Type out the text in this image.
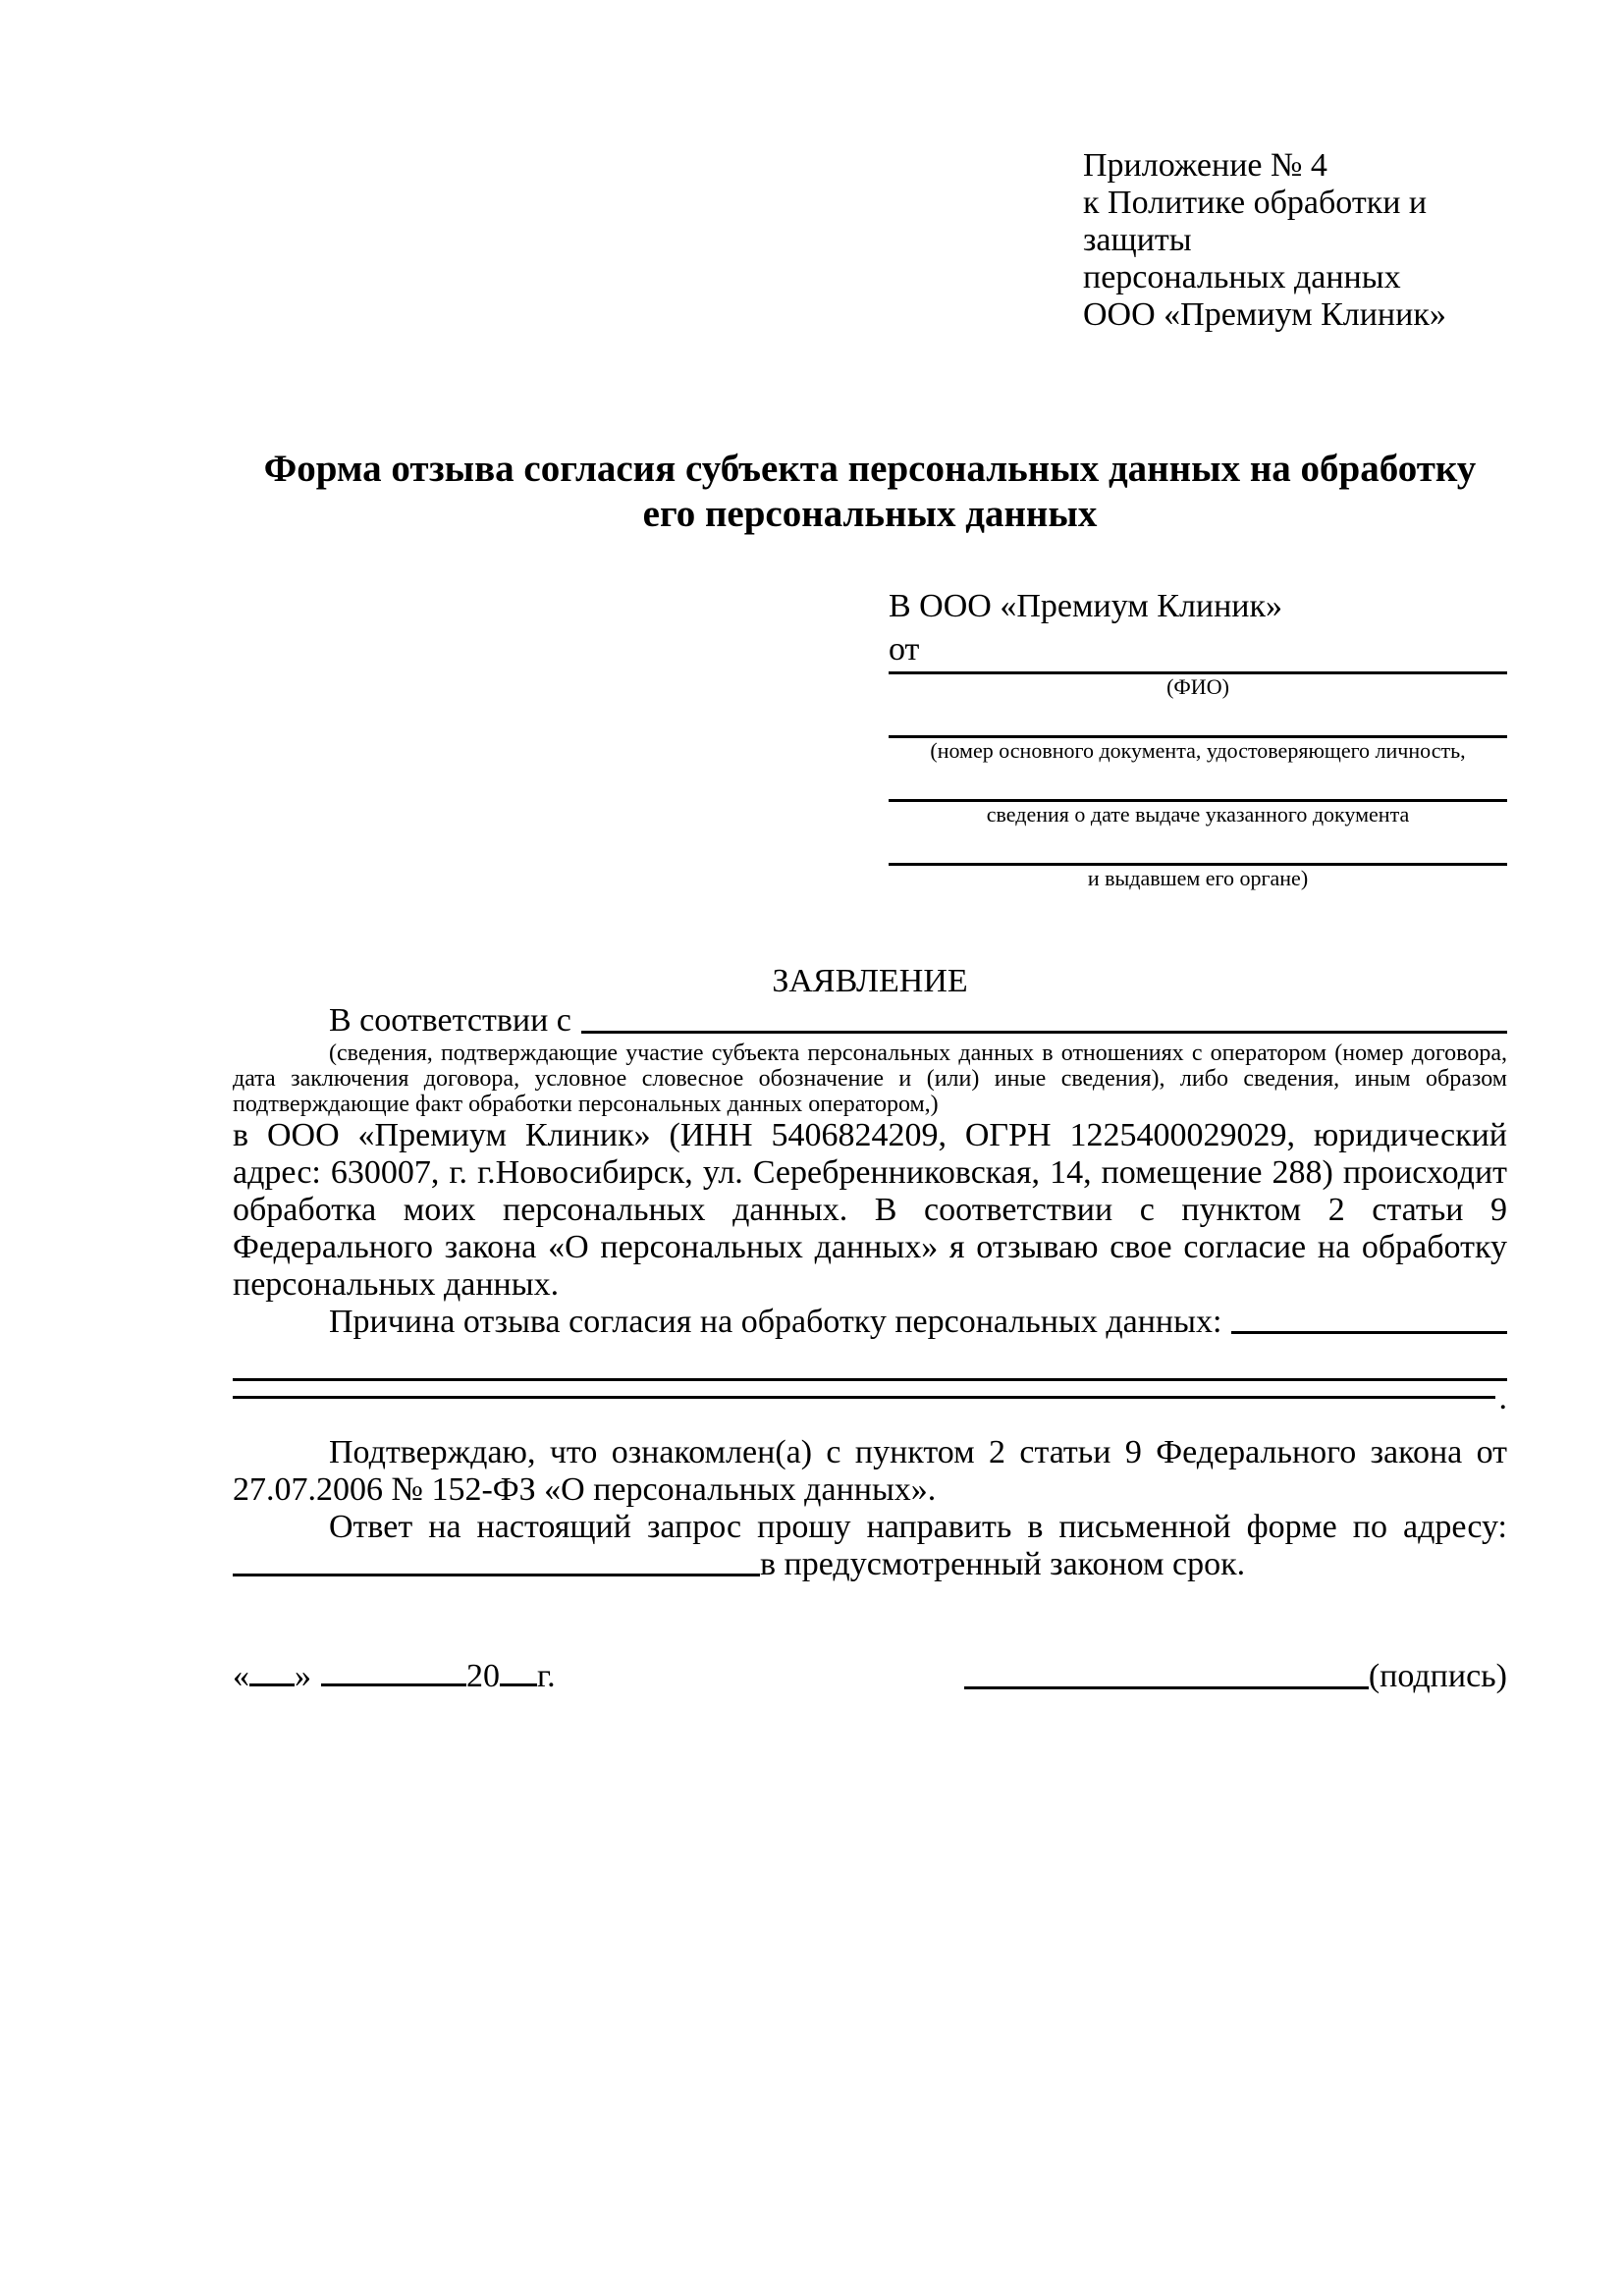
Приложение № 4
к Политике обработки и защиты
персональных данных
ООО «Премиум Клиник»
Форма отзыва согласия субъекта персональных данных на обработку
его персональных данных
В ООО «Премиум Клиник»
от
(ФИО)
(номер основного документа, удостоверяющего личность,
сведения о дате выдаче указанного документа
и выдавшем его органе)
ЗАЯВЛЕНИЕ
В соответствии с
(сведения, подтверждающие участие субъекта персональных данных в отношениях с оператором (номер договора, дата заключения договора, условное словесное обозначение и (или) иные сведения), либо сведения, иным образом подтверждающие факт обработки персональных данных оператором,)
в ООО «Премиум Клиник» (ИНН 5406824209, ОГРН 1225400029029, юридический адрес: 630007, г. г.Новосибирск, ул. Серебренниковская, 14, помещение 288) происходит обработка моих персональных данных. В соответствии с пунктом 2 статьи 9 Федерального закона «О персональных данных» я отзываю свое согласие на обработку персональных данных.
Причина отзыва согласия на обработку персональных данных:
.
Подтверждаю, что ознакомлен(а) с пунктом 2 статьи 9 Федерального закона от 27.07.2006 № 152-ФЗ «О персональных данных».
Ответ на настоящий запрос прошу направить в письменной форме по адресу:
в предусмотренный законом срок.
« »	20 г.	(подпись)
